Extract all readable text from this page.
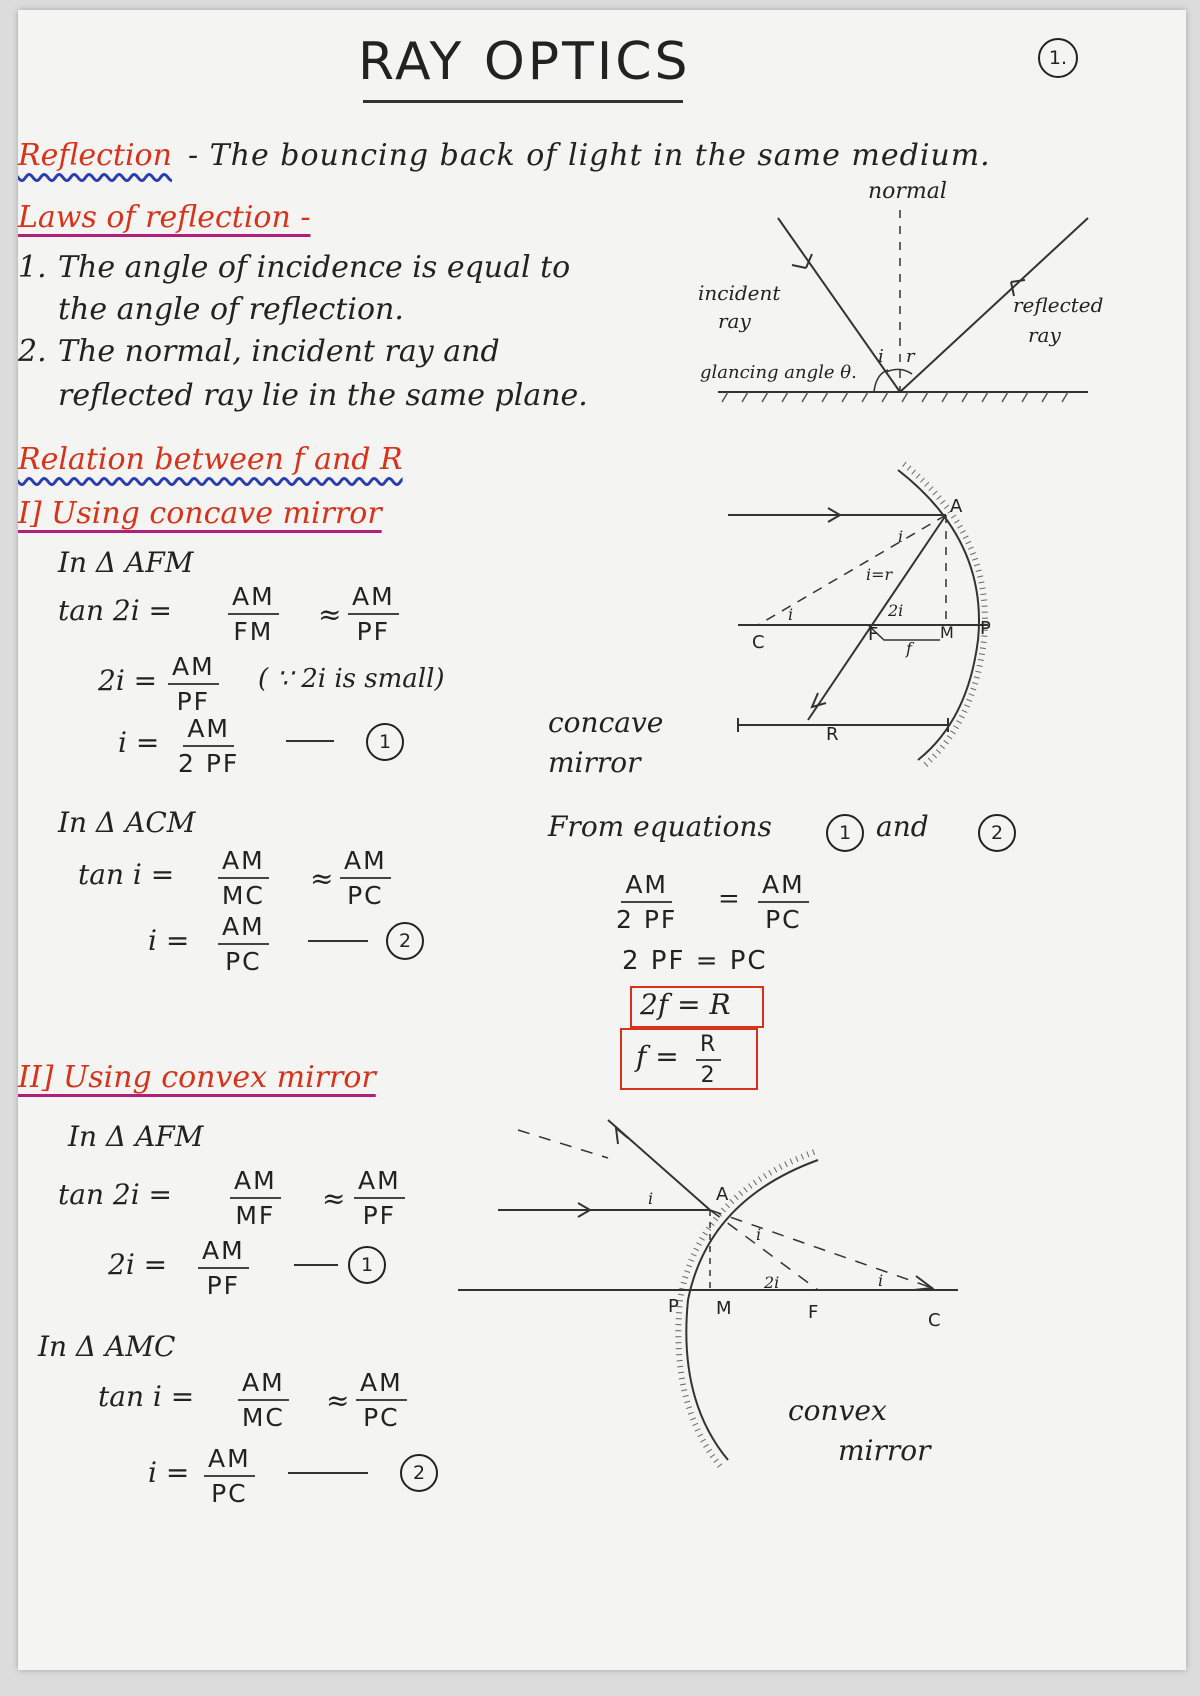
RAY OPTICS	1.
Reflection - The bouncing back of light in the same medium.
Laws of reflection -
1. The angle of incidence is equal to
the angle of reflection.
2. The normal, incident ray and
reflected ray lie in the same plane.
normal
incident
ray
reflected
ray
glancing angle θ.
i r
Relation between f and R
I] Using concave mirror
In Δ AFM
$\tan 2i = \frac{AM}{FM} \approx \frac{AM}{PF}$
$2i = \frac{AM}{PF}$ ( ∵ 2i is small)
$i = \frac{AM}{2 PF}$	1
In Δ ACM
$\tan i = \frac{AM}{MC} \approx \frac{AM}{PC}$
$i = \frac{AM}{PC}$	2
A
C	F	M P
R
f
i
i=r
i	2i
concave
mirror
From equations	1 and	2
$\frac{AM}{2 PF} = \frac{AM}{PC}$
2 PF = PC
2f = R
$f = \frac{R}{2}$
II] Using convex mirror
In Δ AFM
$\tan 2i = \frac{AM}{MF} \approx \frac{AM}{PF}$
$2i = \frac{AM}{PF}$	1
In Δ AMC
$\tan i = \frac{AM}{MC} \approx \frac{AM}{PC}$
$i = \frac{AM}{PC}$	2
A
P M	F	C
i
i
2i	i
convex
mirror
